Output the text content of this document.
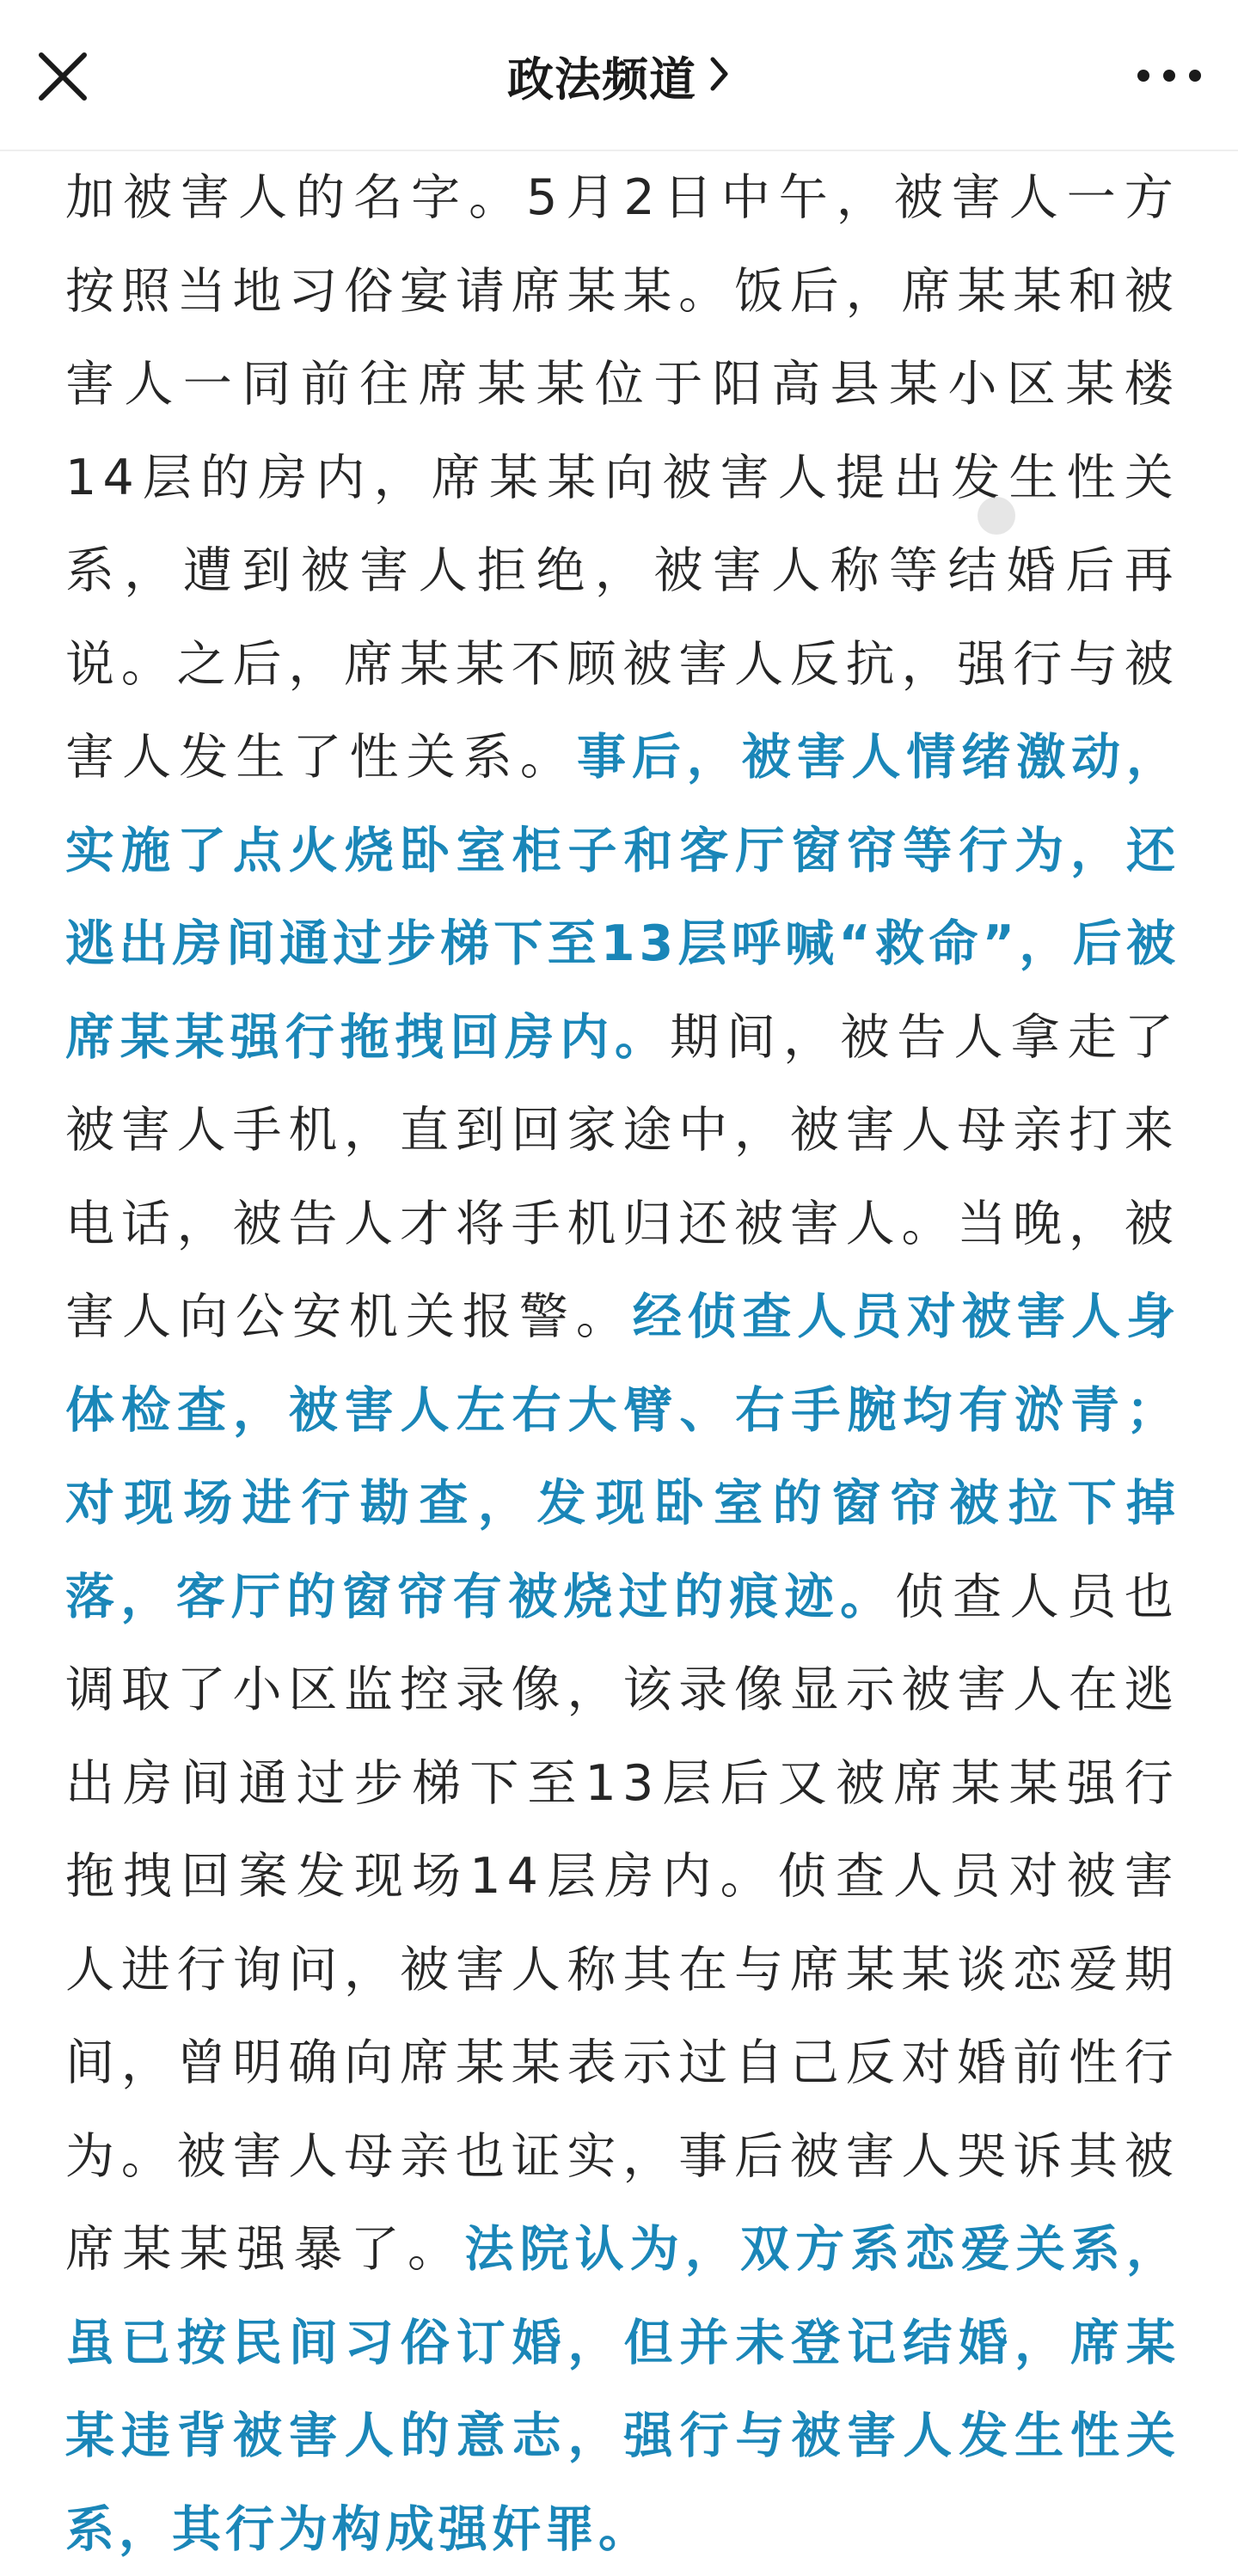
政法频道

加被害人的名字。5月2日中午，被害人一方按照当地习俗宴请席某某。饭后，席某某和被害人一同前往席某某位于阳高县某小区某楼14层的房内，席某某向被害人提出发生性关系，遭到被害人拒绝，被害人称等结婚后再说。之后，席某某不顾被害人反抗，强行与被害人发生了性关系。事后，被害人情绪激动，实施了点火烧卧室柜子和客厅窗帘等行为，还逃出房间通过步梯下至13层呼喊“救命”，后被席某某强行拖拽回房内。期间，被告人拿走了被害人手机，直到回家途中，被害人母亲打来电话，被告人才将手机归还被害人。当晚，被害人向公安机关报警。经侦查人员对被害人身体检查，被害人左右大臂、右手腕均有淤青；对现场进行勘查，发现卧室的窗帘被拉下掉落，客厅的窗帘有被烧过的痕迹。侦查人员也调取了小区监控录像，该录像显示被害人在逃出房间通过步梯下至13层后又被席某某强行拖拽回案发现场14层房内。侦查人员对被害人进行询问，被害人称其在与席某某谈恋爱期间，曾明确向席某某表示过自己反对婚前性行为。被害人母亲也证实，事后被害人哭诉其被席某某强暴了。法院认为，双方系恋爱关系，虽已按民间习俗订婚，但并未登记结婚，席某某违背被害人的意志，强行与被害人发生性关系，其行为构成强奸罪。
